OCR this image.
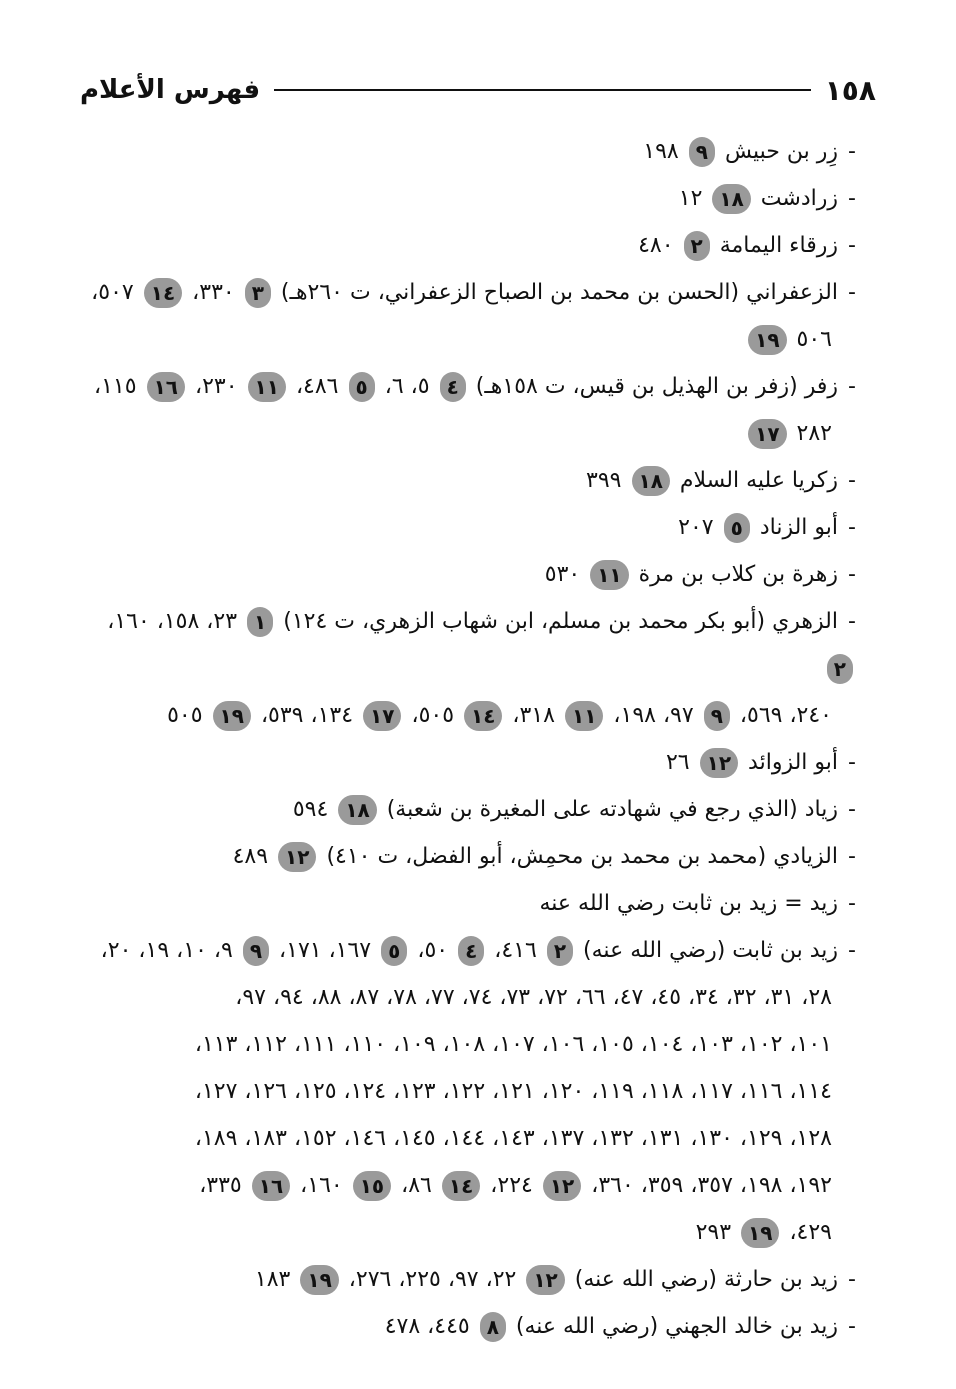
١٥٨
فهرس الأعلام
-زِر بن حبيش ٩ ١٩٨
-زرادشت ١٨ ١٢
-زرقاء اليمامة ٢ ٤٨٠
-الزعفراني (الحسن بن محمد بن الصباح الزعفراني، ت ٢٦٠هـ) ٣ ٣٣٠، ١٤ ٥٠٧،
٥٠٦ ١٩
-زفر (زفر بن الهذيل بن قيس، ت ١٥٨هـ) ٤ ٥، ٦، ٥ ٤٨٦، ١١ ٢٣٠، ١٦ ١١٥،
٢٨٢ ١٧
-زكريا عليه السلام ١٨ ٣٩٩
-أبو الزناد ٥ ٢٠٧
-زهرة بن كلاب بن مرة ١١ ٥٣٠
-الزهري (أبو بكر محمد بن مسلم، ابن شهاب الزهري، ت ١٢٤) ١ ٢٣، ١٥٨، ١٦٠، ٢
٢٤٠، ٥٦٩، ٩ ٩٧، ١٩٨، ١١ ٣١٨، ١٤ ٥٠٥، ١٧ ١٣٤، ٥٣٩، ١٩ ٥٠٥
-أبو الزوائد ١٢ ٢٦
-زياد (الذي رجع في شهادته على المغيرة بن شعبة) ١٨ ٥٩٤
-الزيادي (محمد بن محمد بن محمِش، أبو الفضل، ت ٤١٠) ١٢ ٤٨٩
-زيد = زيد بن ثابت رضي الله عنه
-زيد بن ثابت (رضي الله عنه) ٢ ٤١٦، ٤ ٥٠، ٥ ١٦٧، ١٧١، ٩ ٩، ١٠، ١٩، ٢٠،
٢٨، ٣١، ٣٢، ٣٤، ٤٥، ٤٧، ٦٦، ٧٢، ٧٣، ٧٤، ٧٧، ٧٨، ٨٧، ٨٨، ٩٤، ٩٧،
١٠١، ١٠٢، ١٠٣، ١٠٤، ١٠٥، ١٠٦، ١٠٧، ١٠٨، ١٠٩، ١١٠، ١١١، ١١٢، ١١٣،
١١٤، ١١٦، ١١٧، ١١٨، ١١٩، ١٢٠، ١٢١، ١٢٢، ١٢٣، ١٢٤، ١٢٥، ١٢٦، ١٢٧،
١٢٨، ١٢٩، ١٣٠، ١٣١، ١٣٢، ١٣٧، ١٤٣، ١٤٤، ١٤٥، ١٤٦، ١٥٢، ١٨٣، ١٨٩،
١٩٢، ١٩٨، ٣٥٧، ٣٥٩، ٣٦٠، ١٢ ٢٢٤، ١٤ ٨٦، ١٥ ١٦٠، ١٦ ٣٣٥،
٤٢٩، ١٩ ٢٩٣
-زيد بن حارثة (رضي الله عنه) ١٢ ٢٢، ٩٧، ٢٢٥، ٢٧٦، ١٩ ١٨٣
-زيد بن خالد الجهني (رضي الله عنه) ٨ ٤٤٥، ٤٧٨
